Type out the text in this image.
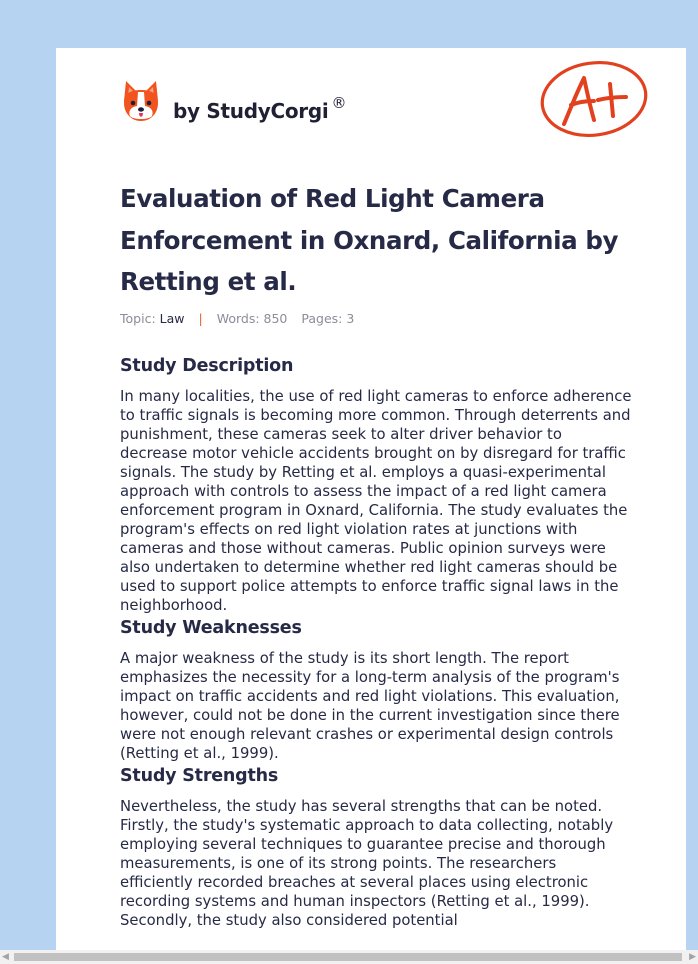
by StudyCorgi ®
Evaluation of Red Light Camera Enforcement in Oxnard, California by Retting et al.
Topic: Law | Words: 850 Pages: 3
Study Description

In many localities, the use of red light cameras to enforce adherence to traffic signals is becoming more common. Through deterrents and punishment, these cameras seek to alter driver behavior to decrease motor vehicle accidents brought on by disregard for traffic signals. The study by Retting et al. employs a quasi-experimental approach with controls to assess the impact of a red light camera enforcement program in Oxnard, California. The study evaluates the program's effects on red light violation rates at junctions with cameras and those without cameras. Public opinion surveys were also undertaken to determine whether red light cameras should be used to support police attempts to enforce traffic signal laws in the neighborhood.

Study Weaknesses

A major weakness of the study is its short length. The report emphasizes the necessity for a long-term analysis of the program's impact on traffic accidents and red light violations. This evaluation, however, could not be done in the current investigation since there were not enough relevant crashes or experimental design controls (Retting et al., 1999).

Study Strengths

Nevertheless, the study has several strengths that can be noted. Firstly, the study's systematic approach to data collecting, notably employing several techniques to guarantee precise and thorough measurements, is one of its strong points. The researchers efficiently recorded breaches at several places using electronic recording systems and human inspectors (Retting et al., 1999). Secondly, the study also considered potential

◀	▶
